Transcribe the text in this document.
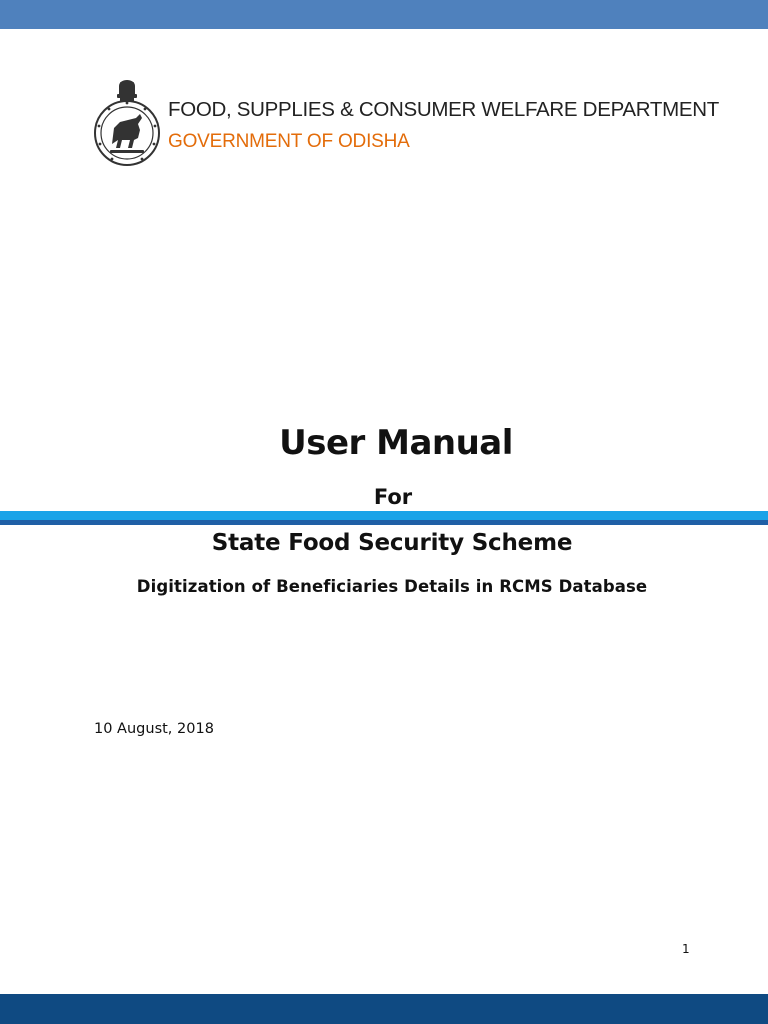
FOOD, SUPPLIES & CONSUMER WELFARE DEPARTMENT
GOVERNMENT OF ODISHA
User Manual
For
State Food Security Scheme
Digitization of Beneficiaries Details in RCMS Database
10 August, 2018
1
